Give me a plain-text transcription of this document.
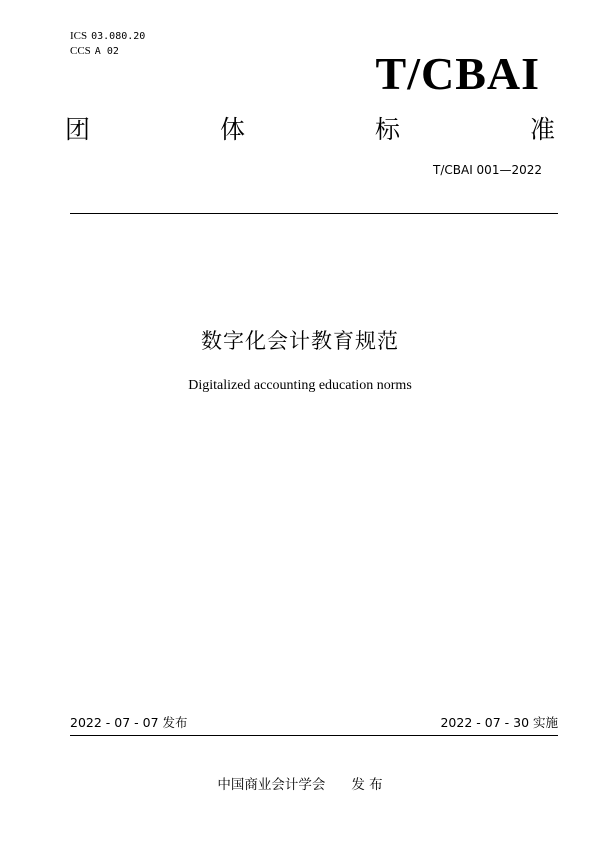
ICS 03.080.20
CCS A 02	T/CBAI
团	体	标	准
T/CBAI 001—2022
数字化会计教育规范
Digitalized accounting education norms
2022 - 07 - 07 发布	2022 - 07 - 30 实施
中国商业会计学会 发 布
